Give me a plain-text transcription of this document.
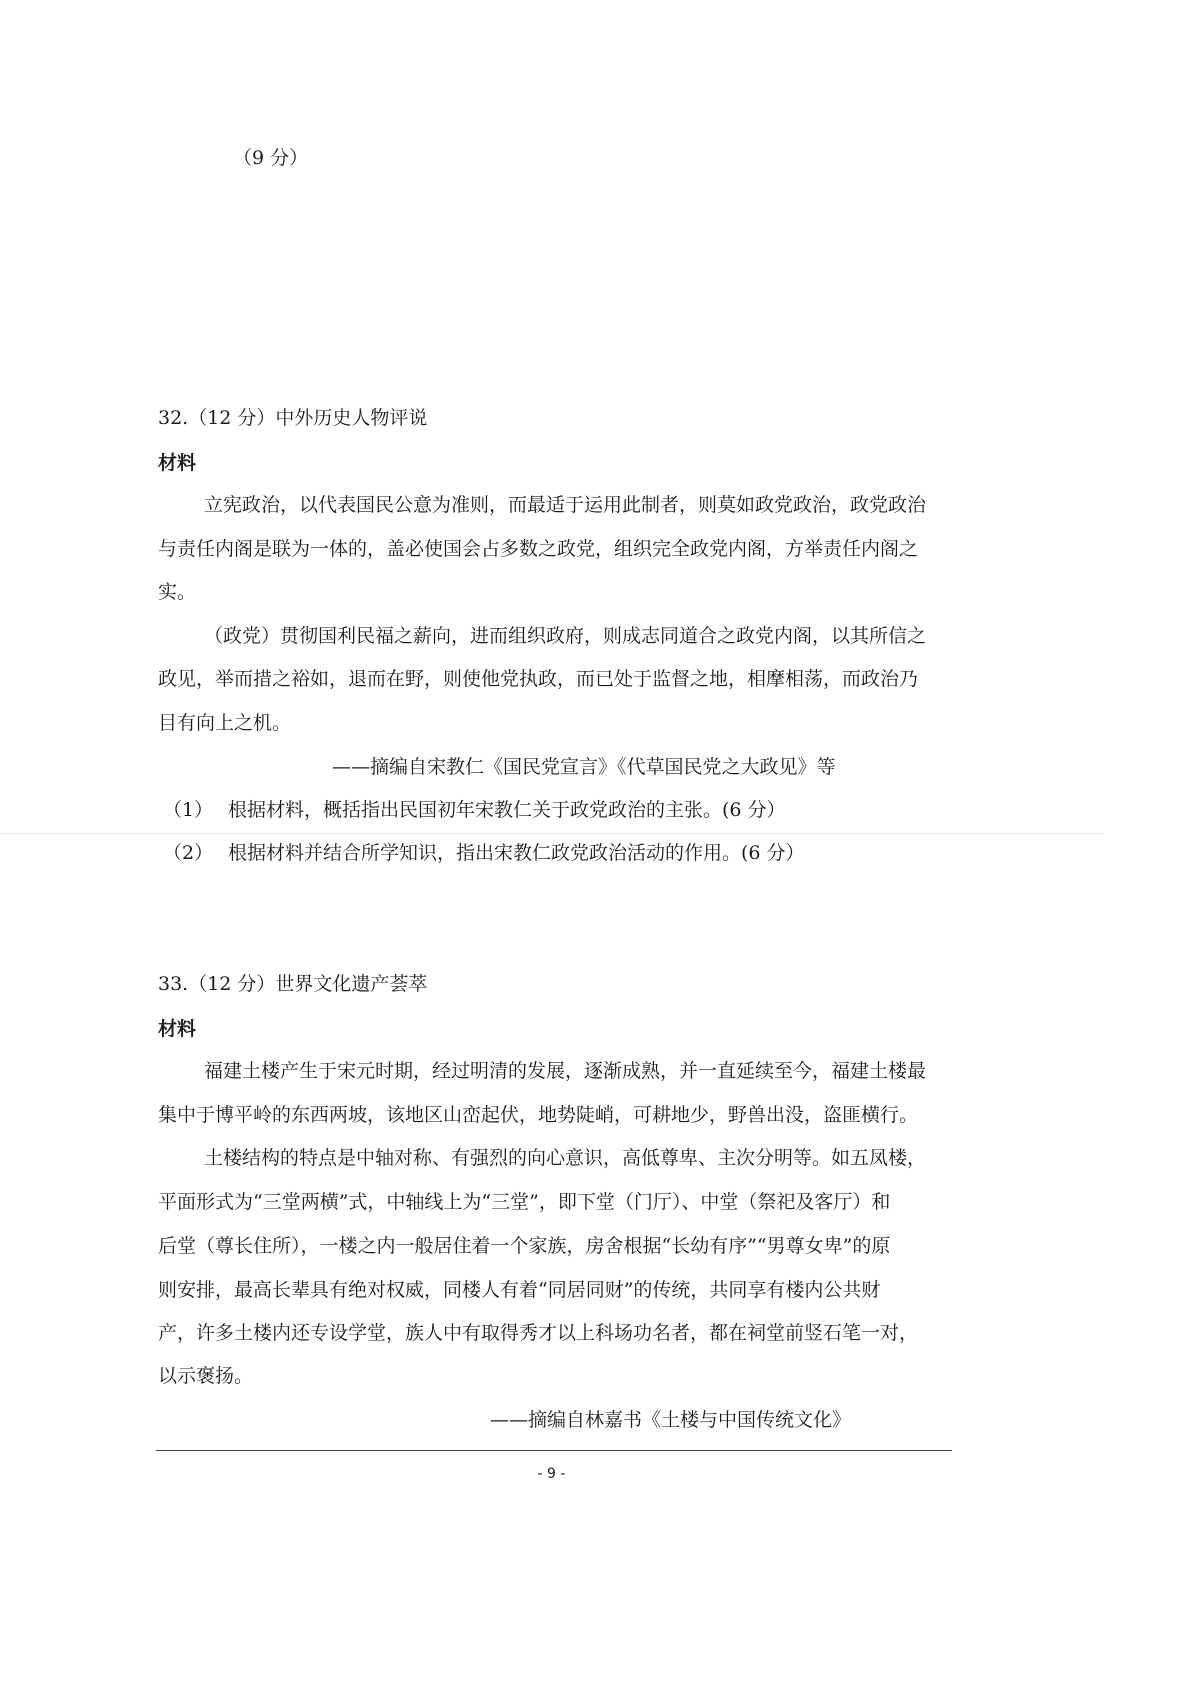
（9 分）
32.（12 分）中外历史人物评说
材料
立宪政治，以代表国民公意为准则，而最适于运用此制者，则莫如政党政治，政党政治
与责任内阁是联为一体的，盖必使国会占多数之政党，组织完全政党内阁，方举责任内阁之
实。
（政党）贯彻国利民福之薪向，进而组织政府，则成志同道合之政党内阁，以其所信之
政见，举而措之裕如，退而在野，则使他党执政，而已处于监督之地，相摩相荡，而政治乃
目有向上之机。
——摘编自宋教仁《国民党宣言》《代草国民党之大政见》等
（1） 根据材料，概括指出民国初年宋教仁关于政党政治的主张。(6 分）
（2） 根据材料并结合所学知识，指出宋教仁政党政治活动的作用。(6 分）
33.（12 分）世界文化遗产荟萃
材料
福建土楼产生于宋元时期，经过明清的发展，逐渐成熟，并一直延续至今，福建土楼最
集中于博平岭的东西两坡，该地区山峦起伏，地势陡峭，可耕地少，野兽出没，盗匪横行。
土楼结构的特点是中轴对称、有强烈的向心意识，高低尊卑、主次分明等。如五凤楼，
平面形式为“三堂两横”式，中轴线上为“三堂”，即下堂（门厅）、中堂（祭祀及客厅）和
后堂（尊长住所），一楼之内一般居住着一个家族，房舍根据“长幼有序”“男尊女卑”的原
则安排，最高长辈具有绝对权威，同楼人有着“同居同财”的传统，共同享有楼内公共财
产，许多土楼内还专设学堂，族人中有取得秀才以上科场功名者，都在祠堂前竖石笔一对，
以示褒扬。
——摘编自林嘉书《土楼与中国传统文化》
- 9 -
